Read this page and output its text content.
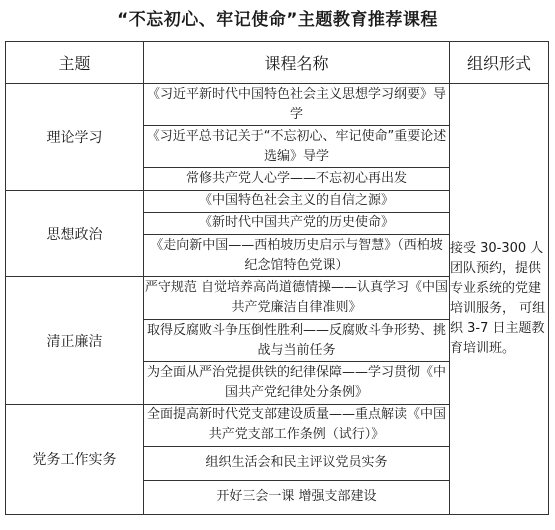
“不忘初心、牢记使命”主题教育推荐课程
主题	课程名称	组织形式
理论学习	《习近平新时代中国特色社会主义思想学习纲要》导学	接受 30-300 人团队预约，提供专业系统的党建培训服务， 可组织 3-7 日主题教育培训班。
	《习近平总书记关于“不忘初心、牢记使命”重要论述选编》导学	
	常修共产党人心学——不忘初心再出发	
思想政治	《中国特色社会主义的自信之源》	
	《新时代中国共产党的历史使命》	
	《走向新中国——西柏坡历史启示与智慧》（西柏坡纪念馆特色党课）	
清正廉洁	严守规范 自觉培养高尚道德情操——认真学习《中国共产党廉洁自律准则》	
	取得反腐败斗争压倒性胜利——反腐败斗争形势、挑战与当前任务	
	为全面从严治党提供铁的纪律保障——学习贯彻《中国共产党纪律处分条例》	
党务工作实务	全面提高新时代党支部建设质量——重点解读《中国共产党支部工作条例（试行）》	
	组织生活会和民主评议党员实务	
	开好三会一课 增强支部建设	
